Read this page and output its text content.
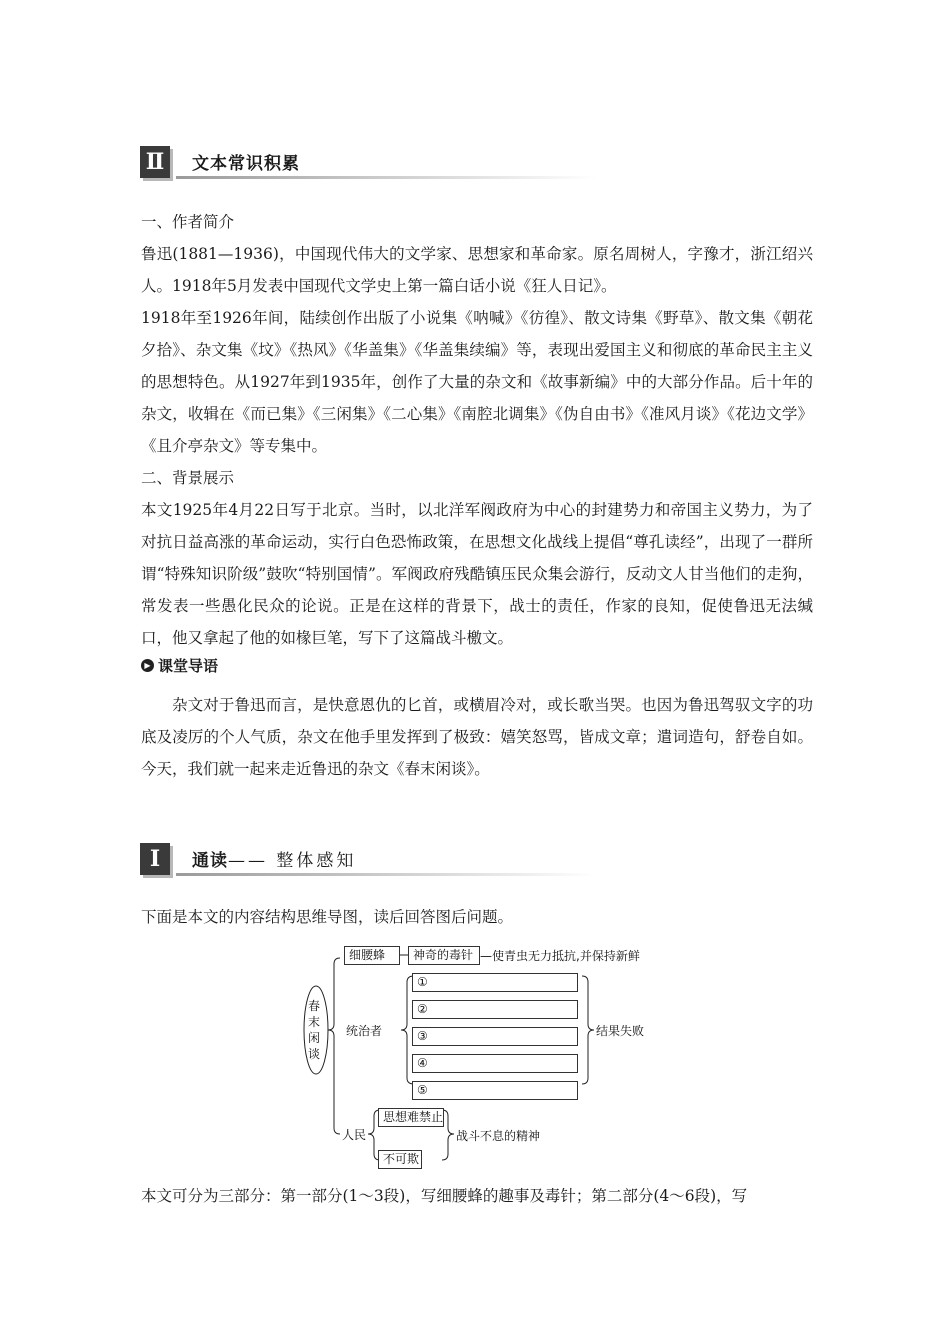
Ⅱ	文本常识积累

一、作者简介

鲁迅(1881—1936)，中国现代伟大的文学家、思想家和革命家。原名周树人，字豫才，浙江绍兴人。1918年5月发表中国现代文学史上第一篇白话小说《狂人日记》。

1918年至1926年间，陆续创作出版了小说集《呐喊》《彷徨》、散文诗集《野草》、散文集《朝花夕拾》、杂文集《坟》《热风》《华盖集》《华盖集续编》等，表现出爱国主义和彻底的革命民主主义的思想特色。从1927年到1935年，创作了大量的杂文和《故事新编》中的大部分作品。后十年的杂文，收辑在《而已集》《三闲集》《二心集》《南腔北调集》《伪自由书》《准风月谈》《花边文学》《且介亭杂文》等专集中。

二、背景展示

本文1925年4月22日写于北京。当时，以北洋军阀政府为中心的封建势力和帝国主义势力，为了对抗日益高涨的革命运动，实行白色恐怖政策，在思想文化战线上提倡“尊孔读经”，出现了一群所谓“特殊知识阶级”鼓吹“特别国情”。军阀政府残酷镇压民众集会游行，反动文人甘当他们的走狗，常发表一些愚化民众的论说。正是在这样的背景下，战士的责任，作家的良知，促使鲁迅无法缄口，他又拿起了他的如椽巨笔，写下了这篇战斗檄文。

▶ 课堂导语

杂文对于鲁迅而言，是快意恩仇的匕首，或横眉冷对，或长歌当哭。也因为鲁迅驾驭文字的功底及凌厉的个人气质，杂文在他手里发挥到了极致：嬉笑怒骂，皆成文章；遣词造句，舒卷自如。今天，我们就一起来走近鲁迅的杂文《春末闲谈》。

Ⅰ	通读—— 整体感知

下面是本文的内容结构思维导图，读后回答图后问题。

春末闲谈
细腰蜂	神奇的毒针 —使青虫无力抵抗,并保持新鲜
统治者
①
②
③
④
⑤
结果失败
人民
思想难禁止
不可欺
战斗不息的精神

本文可分为三部分：第一部分(1～3段)，写细腰蜂的趣事及毒针；第二部分(4～6段)，写
